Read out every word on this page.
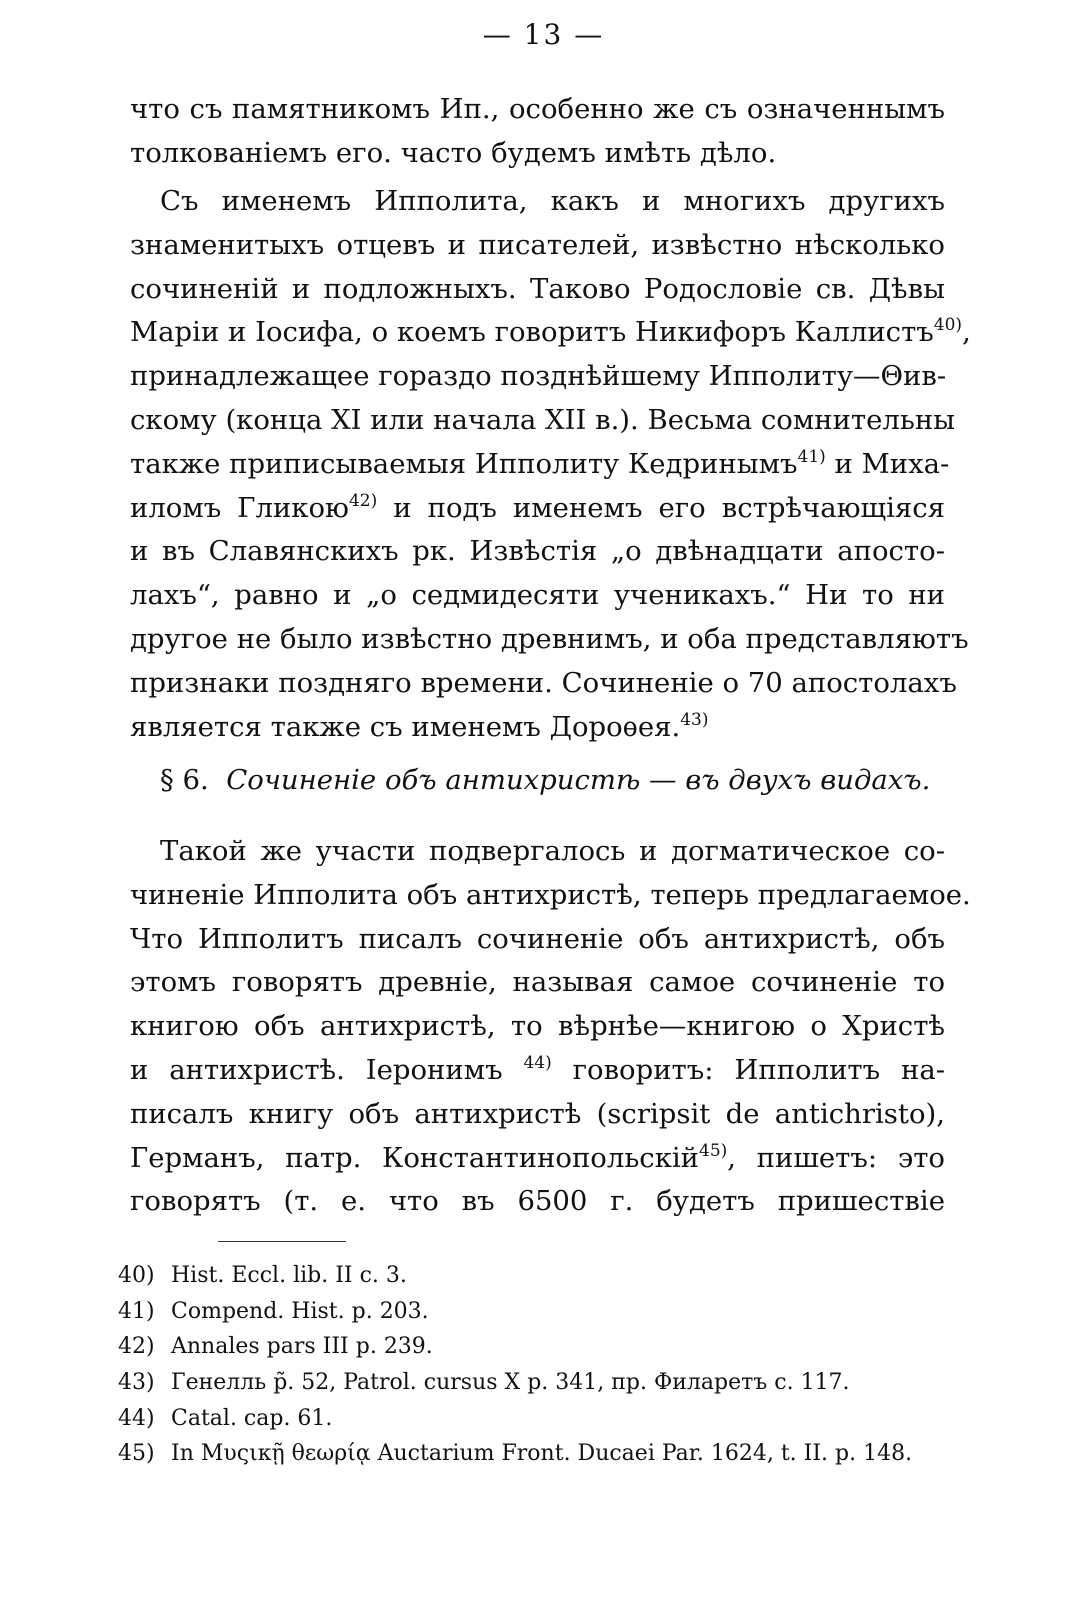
— 13 —
что съ памятникомъ Ип., особенно же съ означеннымъ
толкованіемъ его. часто будемъ имѣть дѣло.
Съ именемъ Ипполита, какъ и многихъ другихъ
знаменитыхъ отцевъ и писателей, извѣстно нѣсколько
сочиненій и подложныхъ. Таково Родословіе св. Дѣвы
Маріи и Іосифа, о коемъ говоритъ Никифоръ Каллистъ$^{40)}$,
принадлежащее гораздо позднѣйшему Ипполиту—Θив-
скому (конца XI или начала XII в.). Весьма сомнительны
также приписываемыя Ипполиту Кедринымъ$^{41)}$ и Миха-
иломъ Гликою$^{42)}$ и подъ именемъ его встрѣчающіяся
и въ Славянскихъ рк. Извѣстія „о двѣнадцати апосто-
лахъ“, равно и „о седмидесяти ученикахъ.“ Ни то ни
другое не было извѣстно древнимъ, и оба представляютъ
признаки поздняго времени. Сочиненіе о 70 апостолахъ
является также съ именемъ Дороѳея.$^{43)}$
§ 6. Сочиненіе объ антихристѣ — въ двухъ видахъ.
Такой же участи подвергалось и догматическое со-
чиненіе Ипполита объ антихристѣ, теперь предлагаемое.
Что Ипполитъ писалъ сочиненіе объ антихристѣ, объ
этомъ говорятъ древніе, называя самое сочиненіе то
книгою объ антихристѣ, то вѣрнѣе—книгою о Христѣ
и антихристѣ. Іеронимъ $^{44)}$ говоритъ: Ипполитъ на-
писалъ книгу объ антихристѣ (scripsit de antichristo),
Германъ, патр. Константинопольскій$^{45)}$, пишетъ: это
говорятъ (т. е. что въ 6500 г. будетъ пришествіе
40) Hist. Eccl. lib. II c. 3.
41) Compend. Hist. p. 203.
42) Annales pars III p. 239.
43) Генелль р̃. 52, Patrol. cursus X p. 341, пр. Филаретъ с. 117.
44) Catal. cap. 61.
45) In Μυςικῇ θεωρίᾳ Auctarium Front. Ducaei Par. 1624, t. II. p. 148.
